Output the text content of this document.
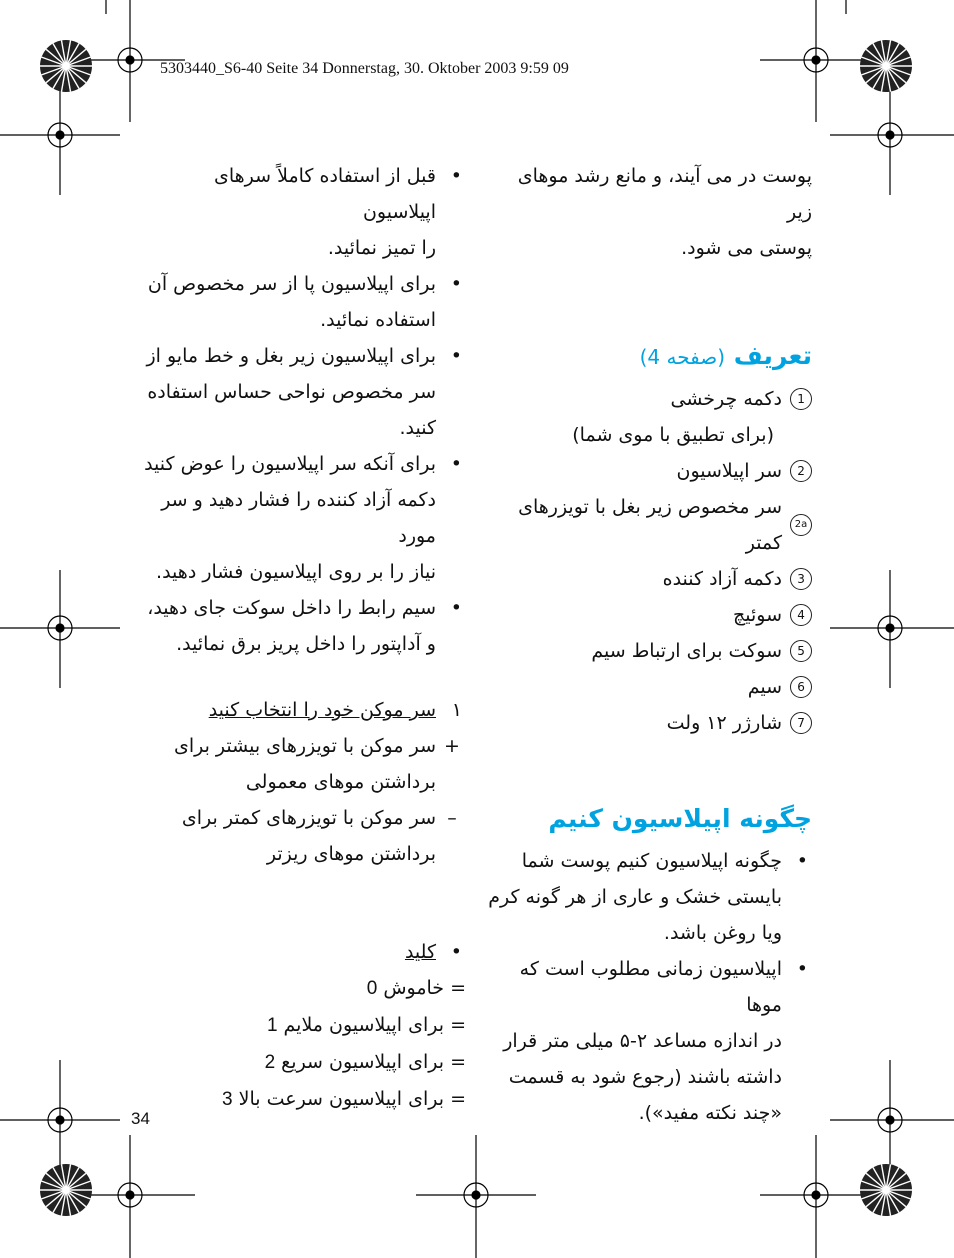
5303440_S6-40 Seite 34 Donnerstag, 30. Oktober 2003 9:59 09
پوست در می آیند، و مانع رشد موهای زیر
پوستی می شود.
تعریف (صفحه 4)
1
دکمه چرخشی
(برای تطبیق با موی شما)
2
سر اپیلاسیون
2a
سر مخصوص زیر بغل با تویزرهای کمتر
3
دکمه آزاد کننده
4
سوئیچ
5
سوکت برای ارتباط سیم
6
سیم
7
شارژر ۱۲ ولت
چگونه اپیلاسیون کنیم
• چگونه اپیلاسیون کنیم پوست شما
بایستی خشک و عاری از هر گونه کرم
ویا روغن باشد.
• اپیلاسیون زمانی مطلوب است که موها
در اندازه مساعد ۲-۵ میلی متر قرار
داشته باشند (رجوع شود به قسمت
«چند نکته مفید»).
• قبل از استفاده کاملاً سرهای اپیلاسیون
را تمیز نمائید.
• برای اپیلاسیون پا از سر مخصوص آن
استفاده نمائید.
• برای اپیلاسیون زیر بغل و خط مایو از
سر مخصوص نواحی حساس استفاده
کنید.
• برای آنکه سر اپیلاسیون را عوض کنید
دکمه آزاد کننده را فشار دهید و سر مورد
نیاز را بر روی اپیلاسیون فشار دهید.
• سیم رابط را داخل سوکت جای دهید،
و آداپتور را داخل پریز برق نمائید.
۱
سر موکن خود را انتخاب کنید
+
سر موکن با تویزرهای بیشتر برای
برداشتن موهای معمولی
–
سر موکن با تویزرهای کمتر برای
برداشتن موهای ریزتر
• کلید
= خاموش0
= برای اپیلاسیون ملایم1
= برای اپیلاسیون سریع2
= برای اپیلاسیون سرعت بالا3
34
